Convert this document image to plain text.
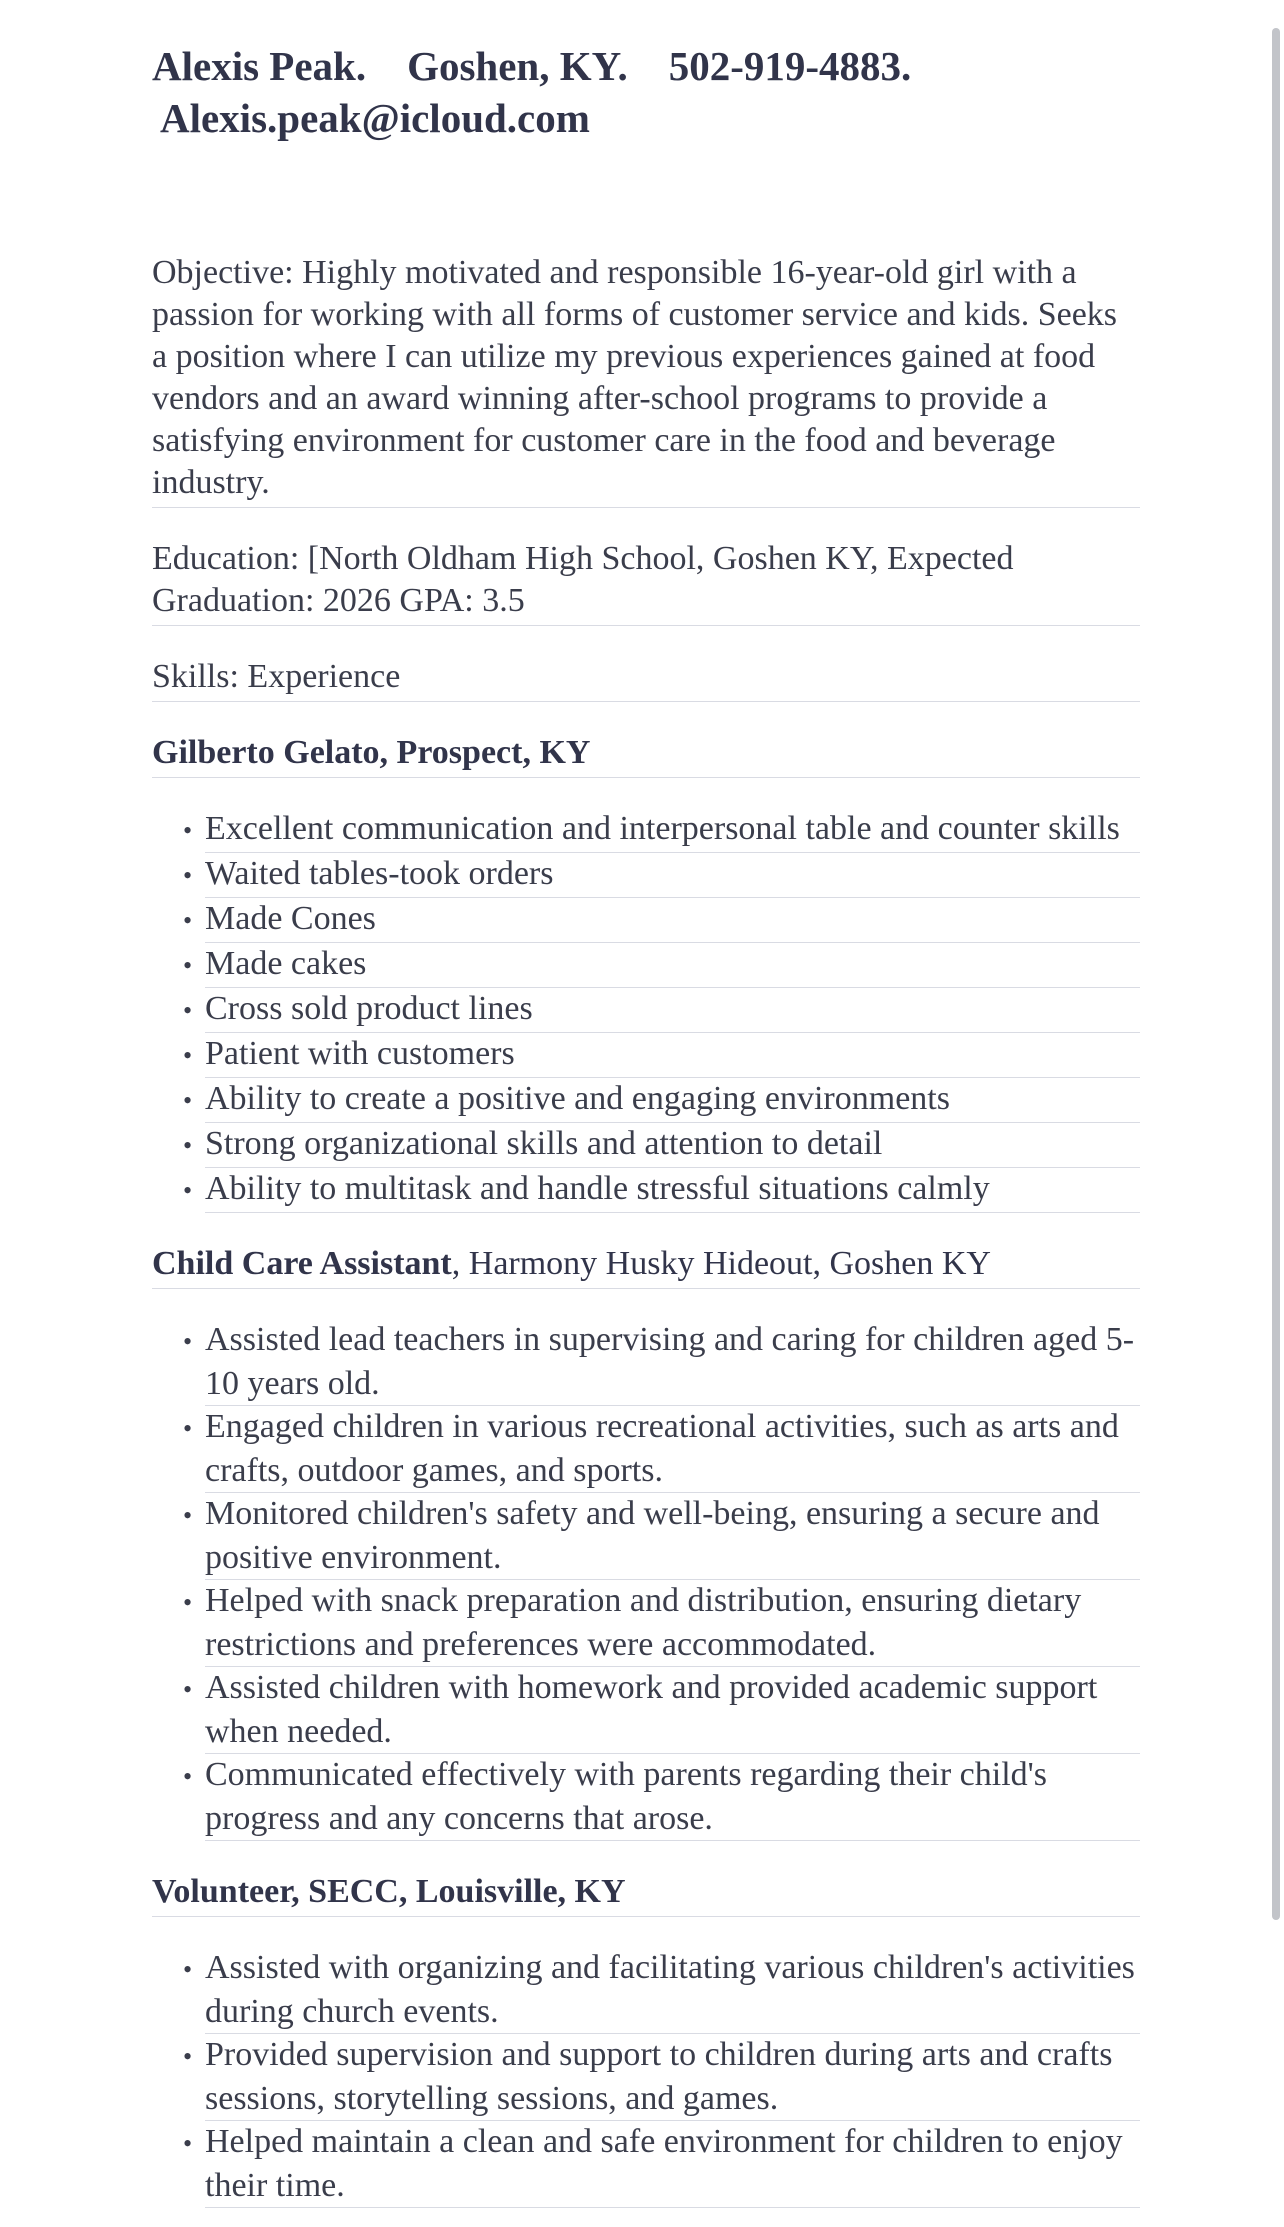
Alexis Peak.    Goshen, KY.    502-919-4883.
Alexis.peak@icloud.com
Objective: Highly motivated and responsible 16-year-old girl with a passion for working with all forms of customer service and kids. Seeks a position where I can utilize my previous experiences gained at food vendors and an award winning after-school programs to provide a satisfying environment for customer care in the food and beverage industry.
Education: [North Oldham High School, Goshen KY, Expected Graduation: 2026 GPA: 3.5
Skills: Experience
Gilberto Gelato, Prospect, KY
• Excellent communication and interpersonal table and counter skills
• Waited tables-took orders
• Made Cones
• Made cakes
• Cross sold product lines
• Patient with customers
• Ability to create a positive and engaging environments
• Strong organizational skills and attention to detail
• Ability to multitask and handle stressful situations calmly
Child Care Assistant, Harmony Husky Hideout, Goshen KY
• Assisted lead teachers in supervising and caring for children aged 5-10 years old.
• Engaged children in various recreational activities, such as arts and crafts, outdoor games, and sports.
• Monitored children's safety and well-being, ensuring a secure and positive environment.
• Helped with snack preparation and distribution, ensuring dietary restrictions and preferences were accommodated.
• Assisted children with homework and provided academic support when needed.
• Communicated effectively with parents regarding their child's progress and any concerns that arose.
Volunteer, SECC, Louisville, KY
• Assisted with organizing and facilitating various children's activities during church events.
• Provided supervision and support to children during arts and crafts sessions, storytelling sessions, and games.
• Helped maintain a clean and safe environment for children to enjoy their time.
